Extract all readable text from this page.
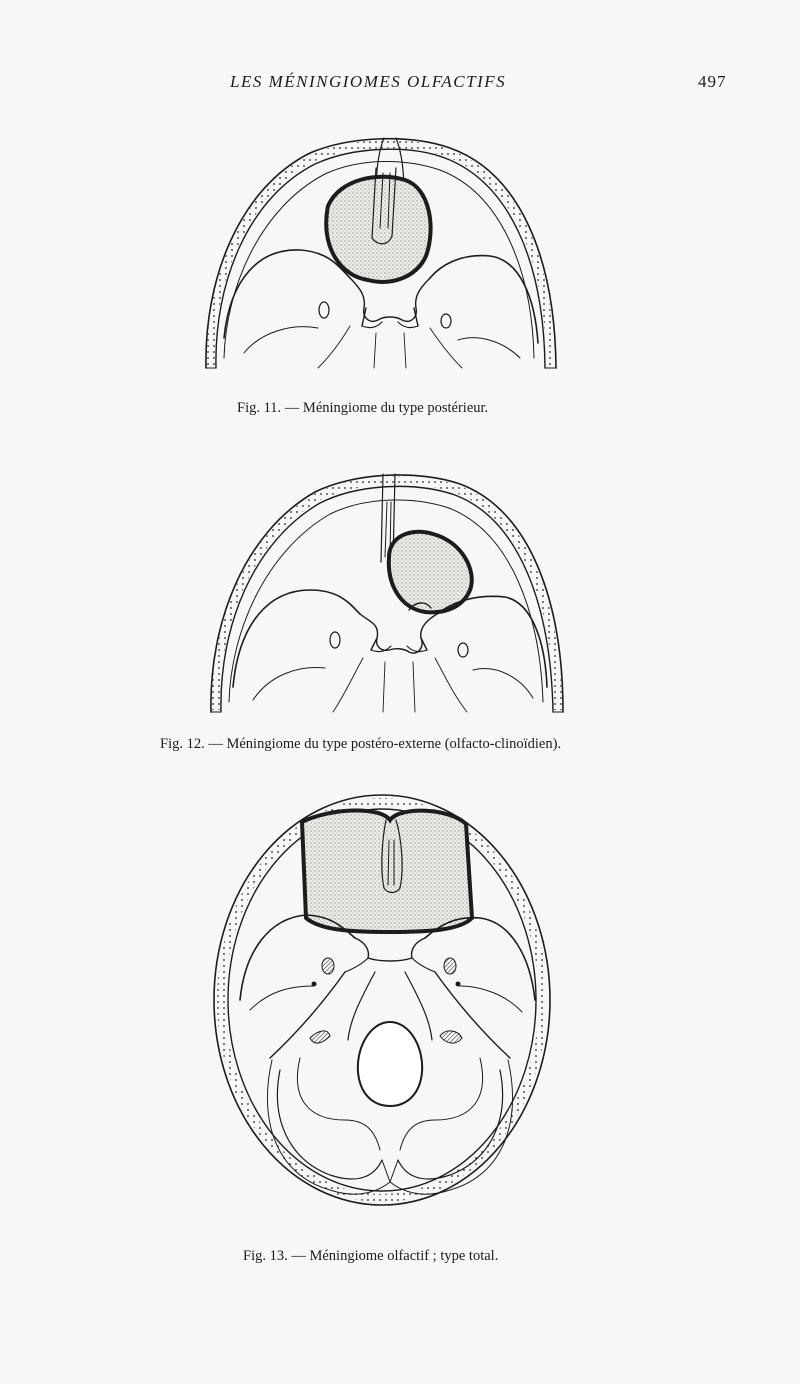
LES MÉNINGIOMES OLFACTIFS	497
Fig. 11. — Méningiome du type postérieur.
Fig. 12. — Méningiome du type postéro-externe (olfacto-clinoïdien).
Fig. 13. — Méningiome olfactif ; type total.
